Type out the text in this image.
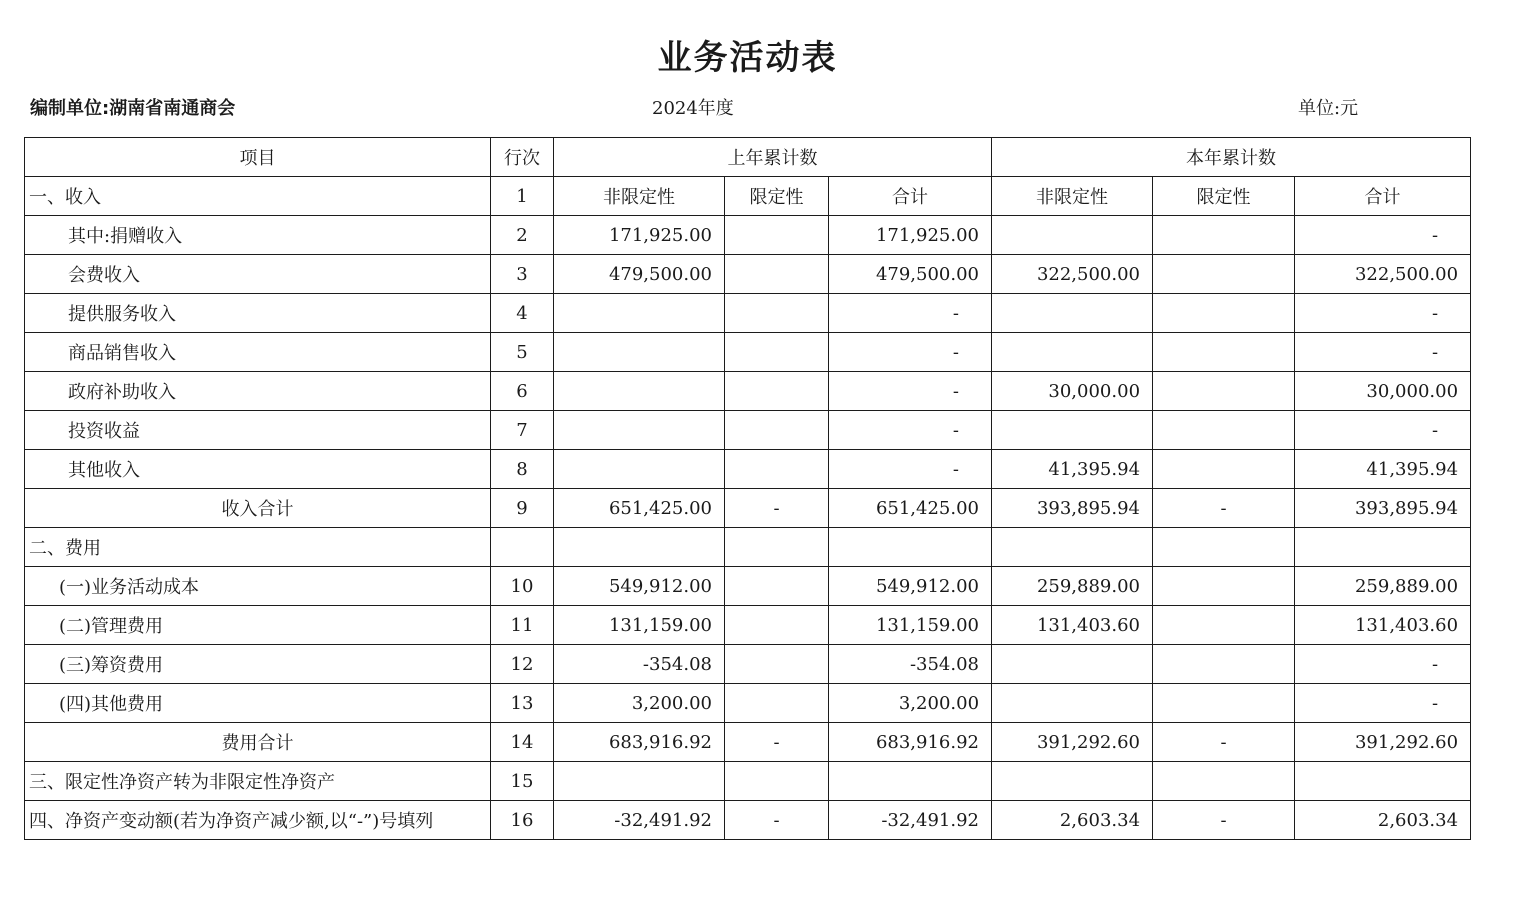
业务活动表
编制单位:湖南省南通商会	2024年度	单位:元
项目	行次	上年累计数			本年累计数		
一、收入	1	非限定性	限定性	合计	非限定性	限定性	合计
其中:捐赠收入	2	171,925.00		171,925.00			-
会费收入	3	479,500.00		479,500.00	322,500.00		322,500.00
提供服务收入	4			-			-
商品销售收入	5			-			-
政府补助收入	6			-	30,000.00		30,000.00
投资收益	7			-			-
其他收入	8			-	41,395.94		41,395.94
收入合计	9	651,425.00	-	651,425.00	393,895.94	-	393,895.94
二、费用							
(一)业务活动成本	10	549,912.00		549,912.00	259,889.00		259,889.00
(二)管理费用	11	131,159.00		131,159.00	131,403.60		131,403.60
(三)筹资费用	12	-354.08		-354.08			-
(四)其他费用	13	3,200.00		3,200.00			-
费用合计	14	683,916.92	-	683,916.92	391,292.60	-	391,292.60
三、限定性净资产转为非限定性净资产	15						
四、净资产变动额(若为净资产减少额,以“-”)号填列	16	-32,491.92	-	-32,491.92	2,603.34	-	2,603.34
